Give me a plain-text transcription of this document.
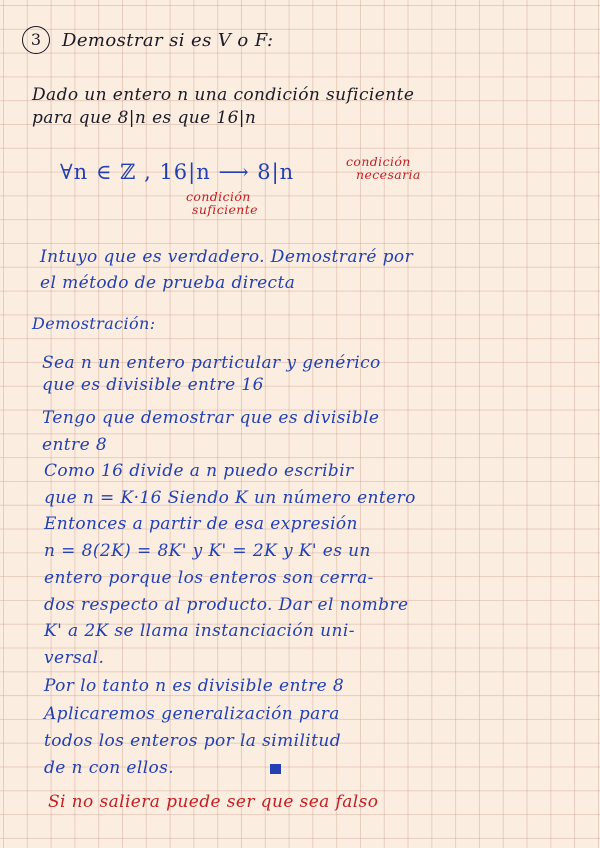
3	Demostrar si es V o F:
Dado un entero n una condición suficiente
para que 8|n es que 16|n
∀n ∈ ℤ , 16|n ⟶ 8|n	condición
necesaria
condición
suficiente
Intuyo que es verdadero. Demostraré por
el método de prueba directa
Demostración:
Sea n un entero particular y genérico
que es divisible entre 16
Tengo que demostrar que es divisible
entre 8
Como 16 divide a n puedo escribir
que n = K·16 Siendo K un número entero
Entonces a partir de esa expresión
n = 8(2K) = 8K' y K' = 2K y K' es un
entero porque los enteros son cerra-
dos respecto al producto. Dar el nombre
K' a 2K se llama instanciación uni-
versal.
Por lo tanto n es divisible entre 8
Aplicaremos generalización para
todos los enteros por la similitud
de n con ellos.
Si no saliera puede ser que sea falso
